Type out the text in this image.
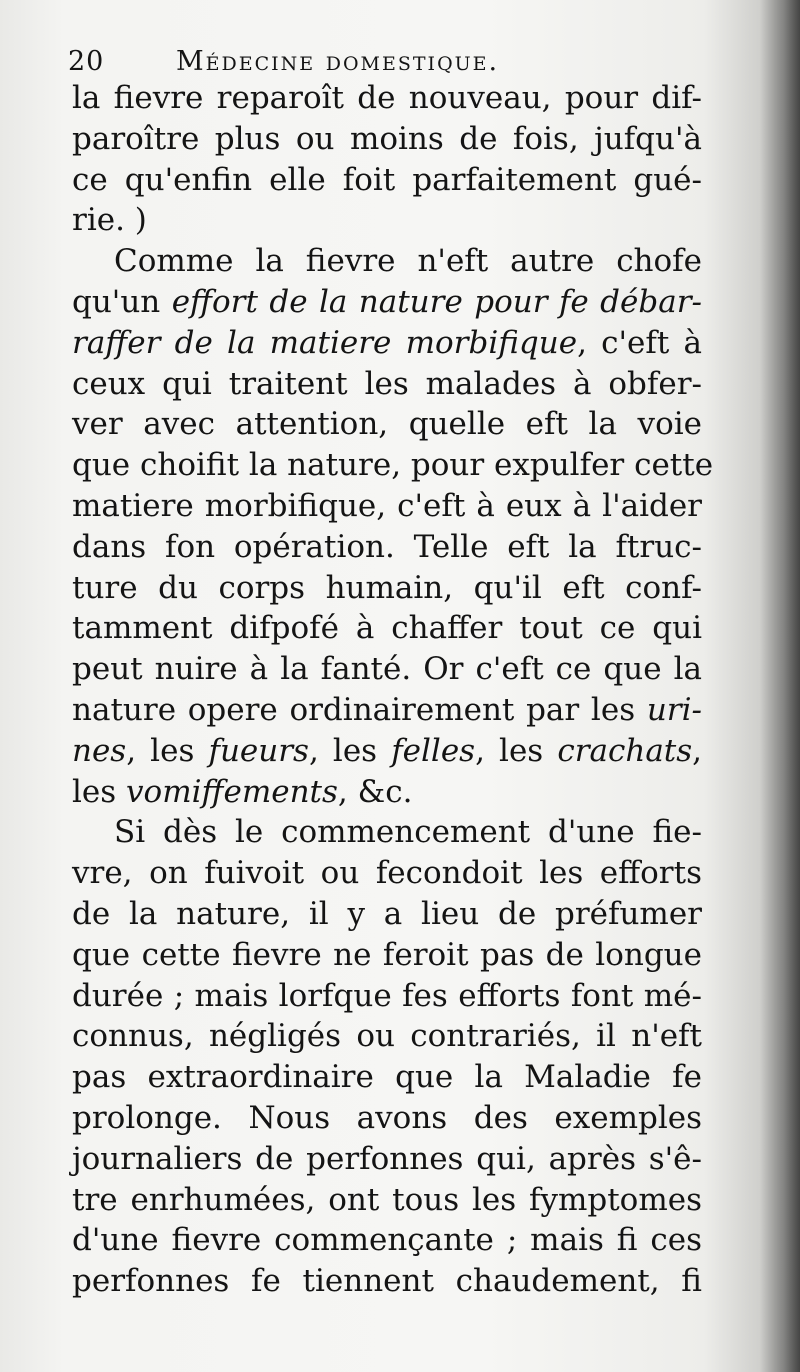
20	Médecine domestique.
la fievre reparoît de nouveau, pour dif-
paroître plus ou moins de fois, jufqu'à
ce qu'enfin elle foit parfaitement gué-
rie. )
Comme la fievre n'eft autre chofe
qu'un effort de la nature pour fe débar-
raffer de la matiere morbifique, c'eft à
ceux qui traitent les malades à obfer-
ver avec attention, quelle eft la voie
que choifit la nature, pour expulfer cette
matiere morbifique, c'eft à eux à l'aider
dans fon opération. Telle eft la ftruc-
ture du corps humain, qu'il eft conf-
tamment difpofé à chaffer tout ce qui
peut nuire à la fanté. Or c'eft ce que la
nature opere ordinairement par les uri-
nes, les fueurs, les felles, les crachats,
les vomiffements, &c.
Si dès le commencement d'une fie-
vre, on fuivoit ou fecondoit les efforts
de la nature, il y a lieu de préfumer
que cette fievre ne feroit pas de longue
durée ; mais lorfque fes efforts font mé-
connus, négligés ou contrariés, il n'eft
pas extraordinaire que la Maladie fe
prolonge. Nous avons des exemples
journaliers de perfonnes qui, après s'ê-
tre enrhumées, ont tous les fymptomes
d'une fievre commençante ; mais fi ces
perfonnes fe tiennent chaudement, fi
